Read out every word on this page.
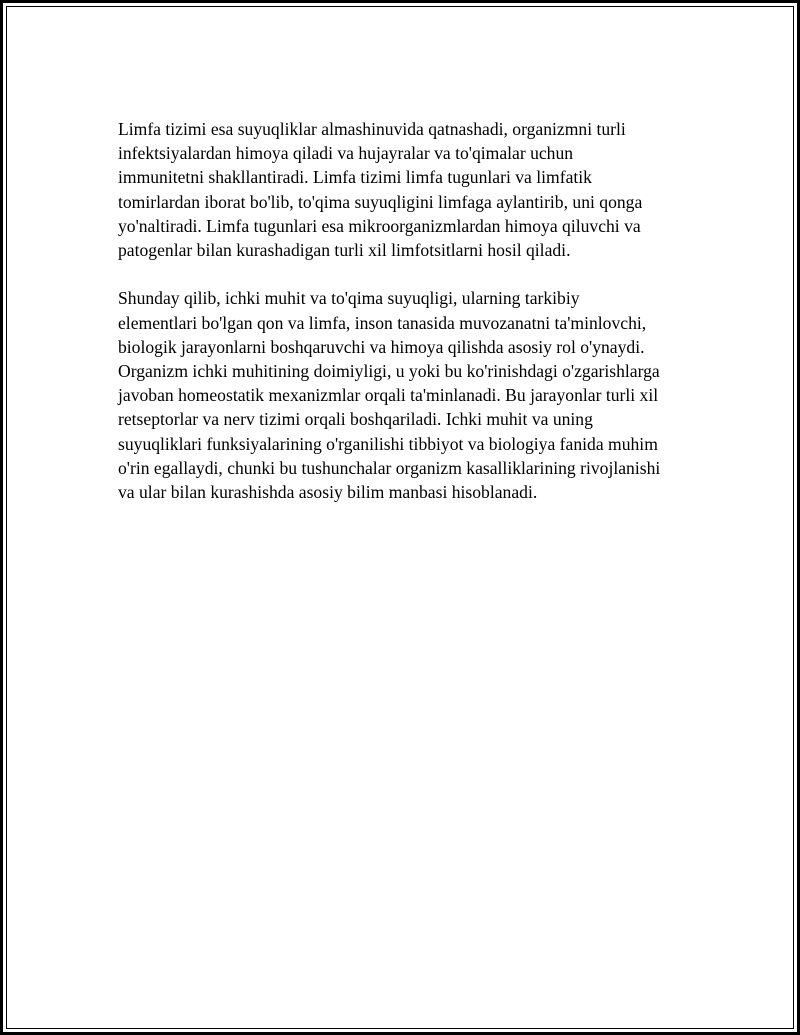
Limfa tizimi esa suyuqliklar almashinuvida qatnashadi, organizmni turli
infektsiyalardan himoya qiladi va hujayralar va to'qimalar uchun
immunitetni shakllantiradi. Limfa tizimi limfa tugunlari va limfatik
tomirlardan iborat bo'lib, to'qima suyuqligini limfaga aylantirib, uni qonga
yo'naltiradi. Limfa tugunlari esa mikroorganizmlardan himoya qiluvchi va
patogenlar bilan kurashadigan turli xil limfotsitlarni hosil qiladi.

Shunday qilib, ichki muhit va to'qima suyuqligi, ularning tarkibiy
elementlari bo'lgan qon va limfa, inson tanasida muvozanatni ta'minlovchi,
biologik jarayonlarni boshqaruvchi va himoya qilishda asosiy rol o'ynaydi.
Organizm ichki muhitining doimiyligi, u yoki bu ko'rinishdagi o'zgarishlarga
javoban homeostatik mexanizmlar orqali ta'minlanadi. Bu jarayonlar turli xil
retseptorlar va nerv tizimi orqali boshqariladi. Ichki muhit va uning
suyuqliklari funksiyalarining o'rganilishi tibbiyot va biologiya fanida muhim
o'rin egallaydi, chunki bu tushunchalar organizm kasalliklarining rivojlanishi
va ular bilan kurashishda asosiy bilim manbasi hisoblanadi.
